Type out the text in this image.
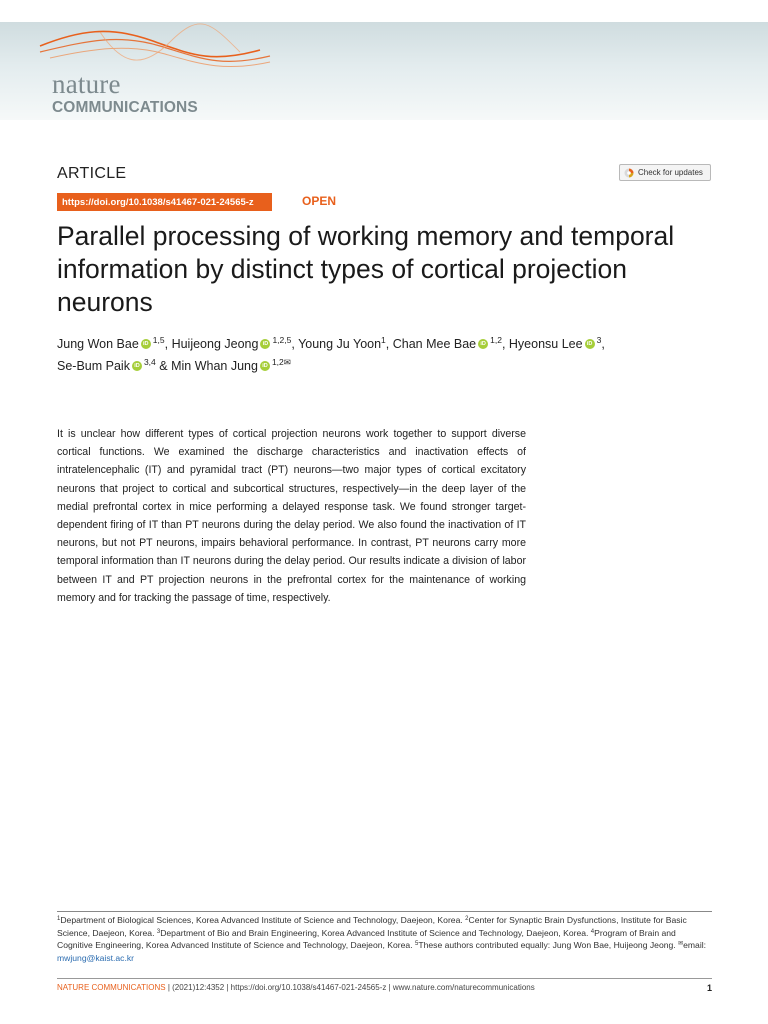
nature
COMMUNICATIONS
ARTICLE	Check for updates
https://doi.org/10.1038/s41467-021-24565-z	OPEN
Parallel processing of working memory and temporal information by distinct types of cortical projection neurons
Jung Won Bae iD $^{1,5}$, Huijeong Jeong iD $^{1,2,5}$, Young Ju Yoon$^1$, Chan Mee Bae iD $^{1,2}$, Hyeonsu Lee iD $^3$,
Se-Bum Paik iD $^{3,4}$ & Min Whan Jung iD $^{1,2✉}$

It is unclear how different types of cortical projection neurons work together to support diverse cortical functions. We examined the discharge characteristics and inactivation effects of intratelencephalic (IT) and pyramidal tract (PT) neurons—two major types of cortical excitatory neurons that project to cortical and subcortical structures, respectively—in the deep layer of the medial prefrontal cortex in mice performing a delayed response task. We found stronger target-dependent firing of IT than PT neurons during the delay period. We also found the inactivation of IT neurons, but not PT neurons, impairs behavioral performance. In contrast, PT neurons carry more temporal information than IT neurons during the delay period. Our results indicate a division of labor between IT and PT projection neurons in the prefrontal cortex for the maintenance of working memory and for tracking the passage of time, respectively.

$^1$Department of Biological Sciences, Korea Advanced Institute of Science and Technology, Daejeon, Korea. $^2$Center for Synaptic Brain Dysfunctions, Institute for Basic Science, Daejeon, Korea. $^3$Department of Bio and Brain Engineering, Korea Advanced Institute of Science and Technology, Daejeon, Korea. $^4$Program of Brain and Cognitive Engineering, Korea Advanced Institute of Science and Technology, Daejeon, Korea. $^5$These authors contributed equally: Jung Won Bae, Huijeong Jeong. ✉email: mwjung@kaist.ac.kr
NATURE COMMUNICATIONS | (2021)12:4352 | https://doi.org/10.1038/s41467-021-24565-z | www.nature.com/naturecommunications	1
